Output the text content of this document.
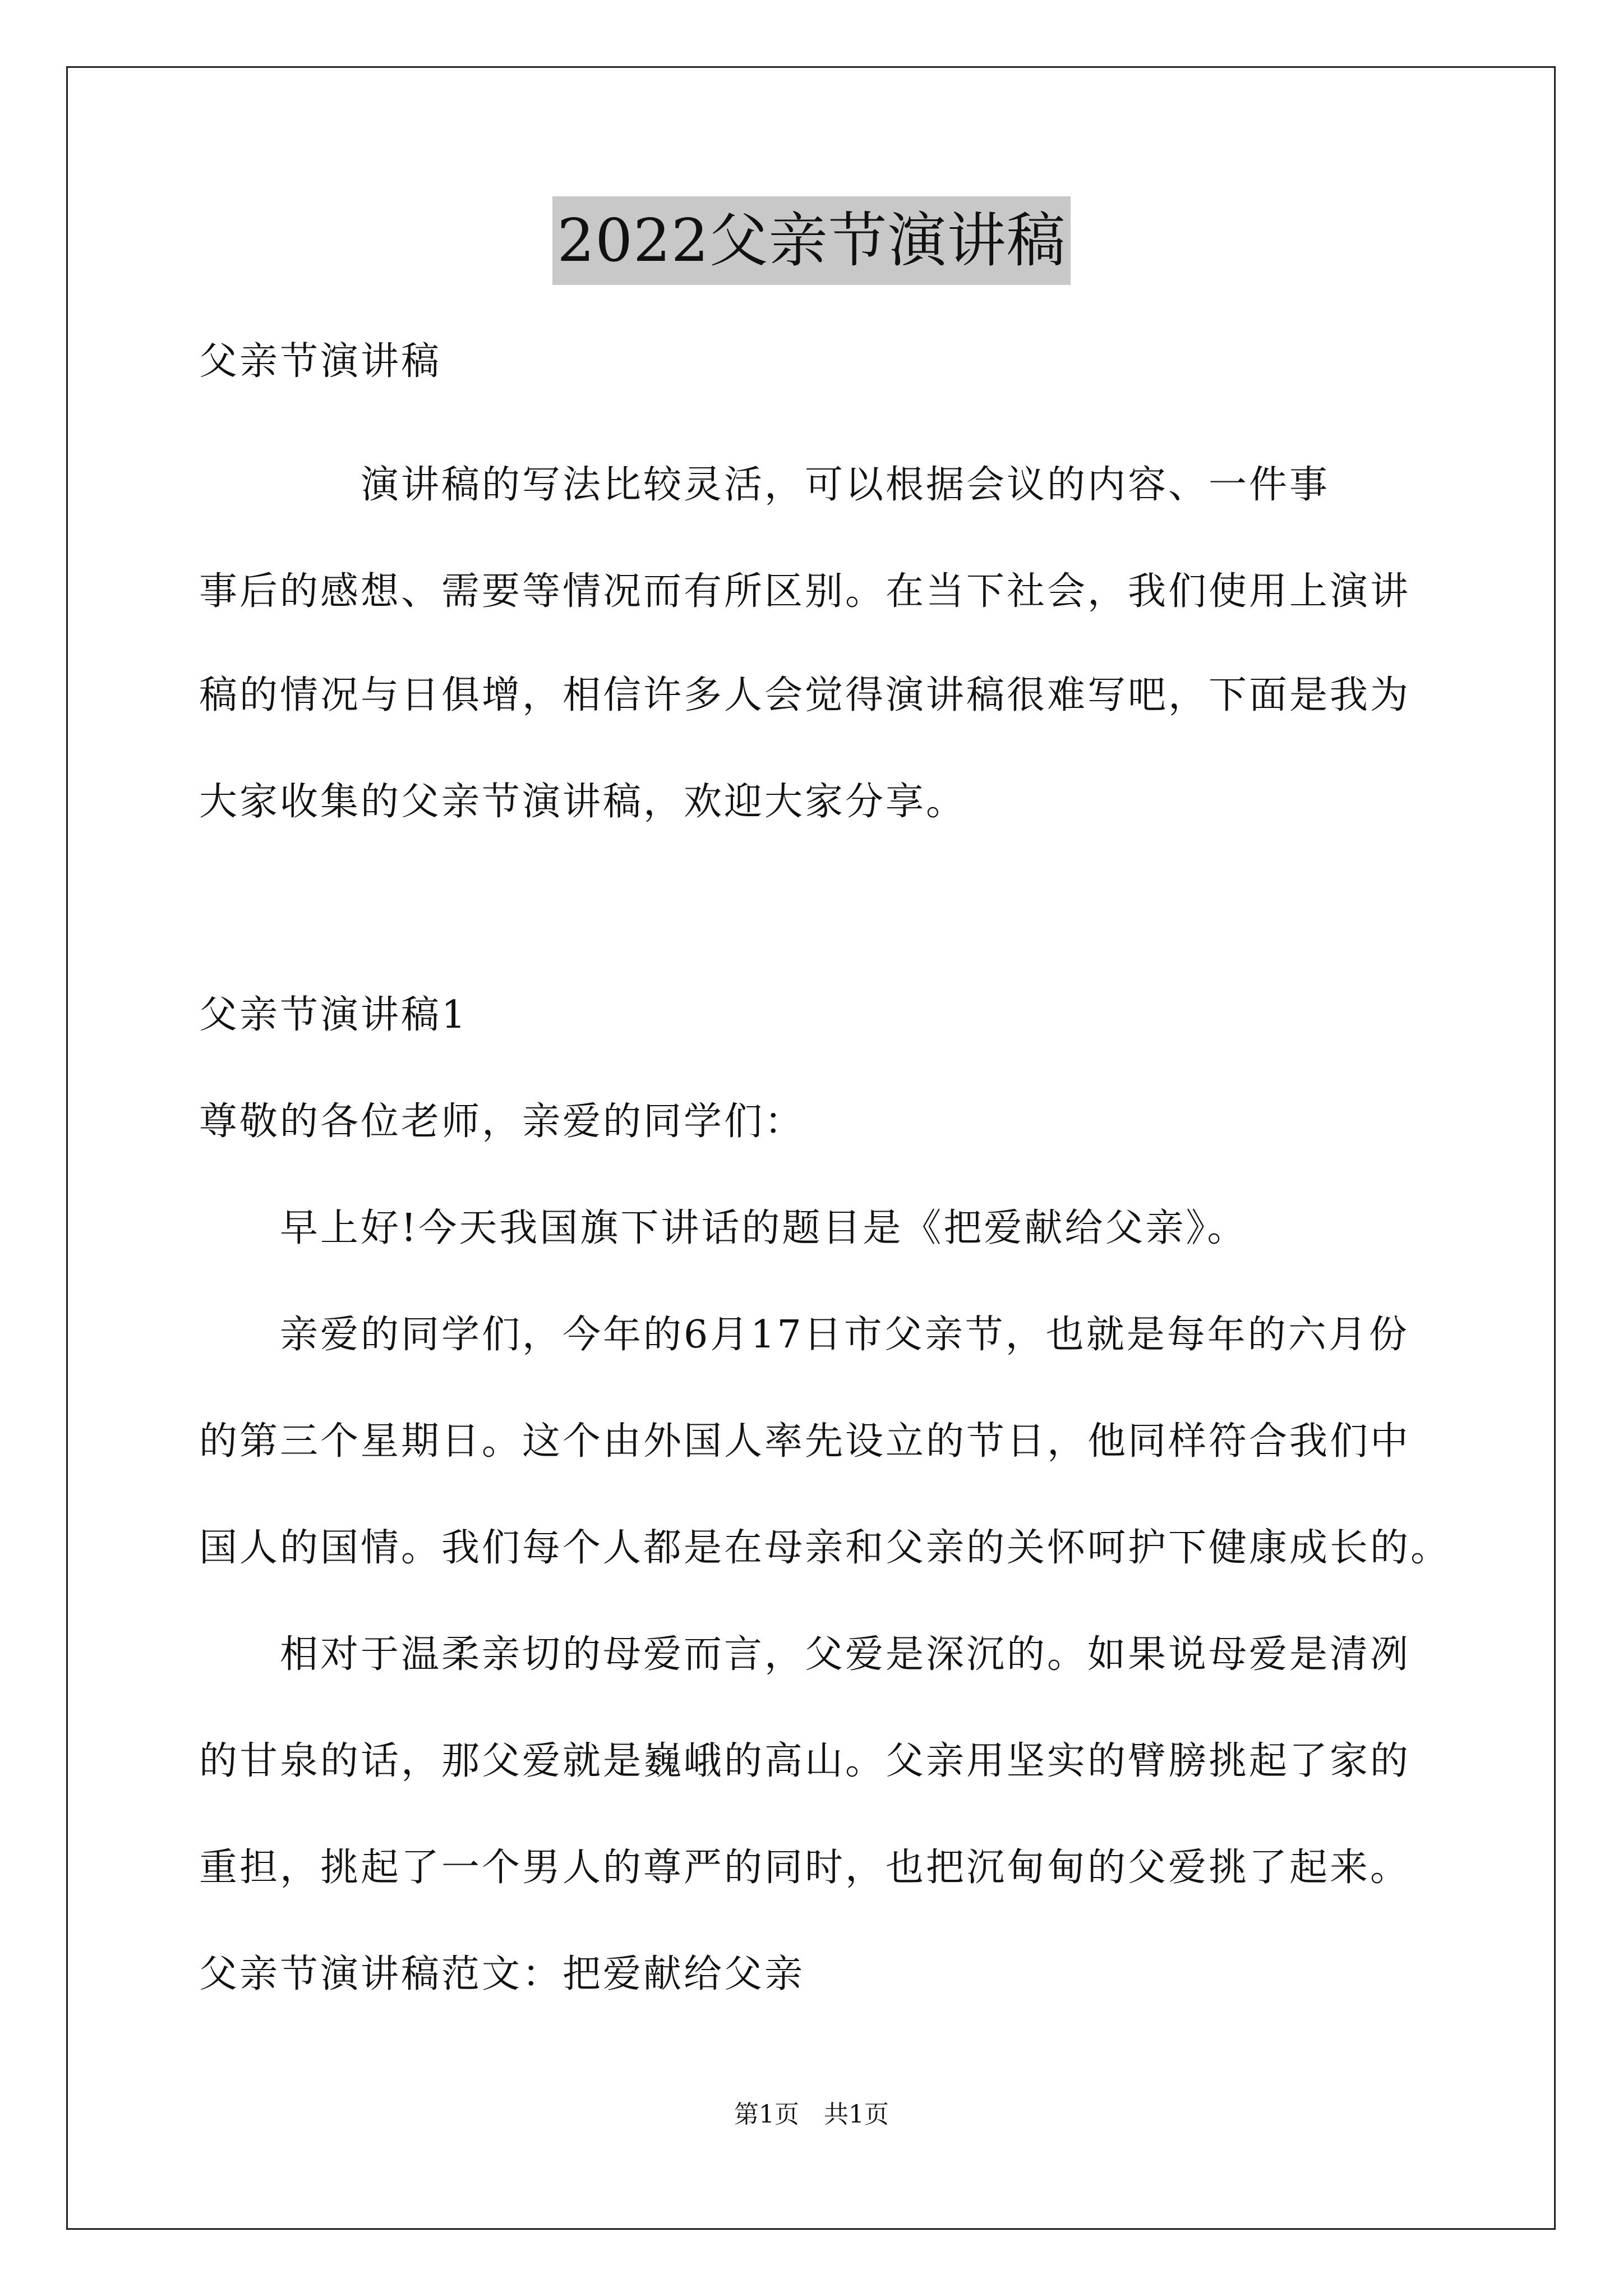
2022父亲节演讲稿
父亲节演讲稿
　　　　演讲稿的写法比较灵活，可以根据会议的内容、一件事
事后的感想、需要等情况而有所区别。在当下社会，我们使用上演讲
稿的情况与日俱增，相信许多人会觉得演讲稿很难写吧，下面是我为
大家收集的父亲节演讲稿，欢迎大家分享。
父亲节演讲稿1
尊敬的各位老师，亲爱的同学们：
　　早上好!今天我国旗下讲话的题目是《把爱献给父亲》。
　　亲爱的同学们，今年的6月17日市父亲节，也就是每年的六月份
的第三个星期日。这个由外国人率先设立的节日，他同样符合我们中
国人的国情。我们每个人都是在母亲和父亲的关怀呵护下健康成长的。
　　相对于温柔亲切的母爱而言，父爱是深沉的。如果说母爱是清冽
的甘泉的话，那父爱就是巍峨的高山。父亲用坚实的臂膀挑起了家的
重担，挑起了一个男人的尊严的同时，也把沉甸甸的父爱挑了起来。
父亲节演讲稿范文：把爱献给父亲
第1页　共1页
